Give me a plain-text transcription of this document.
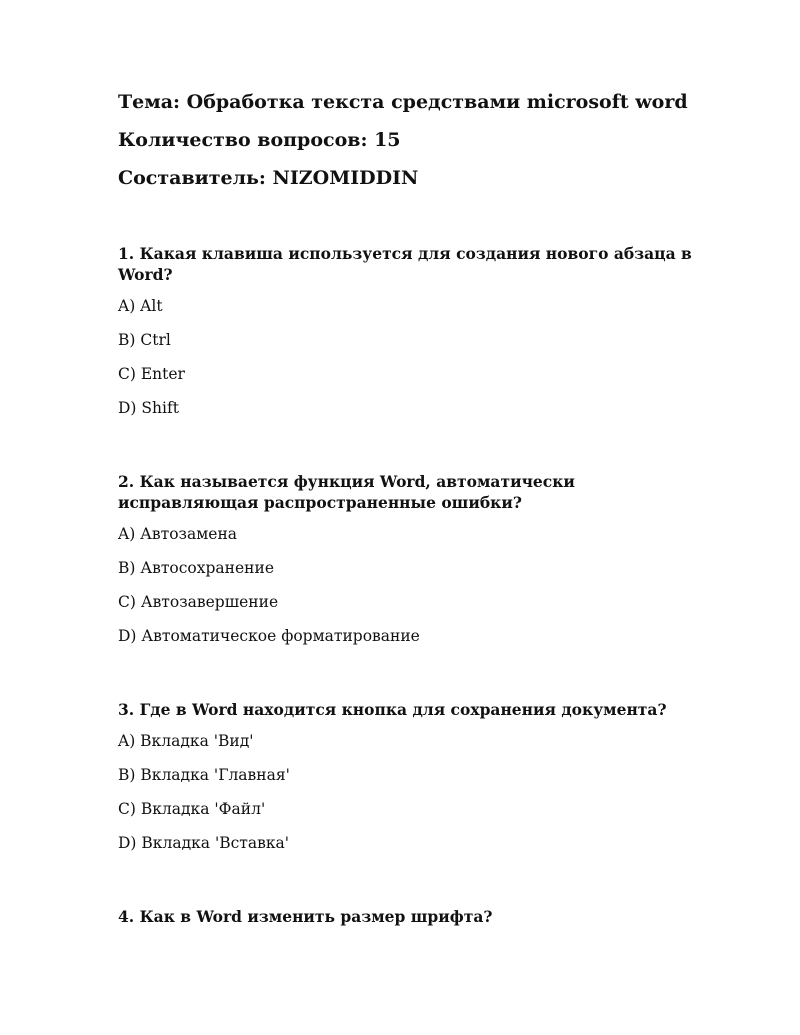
Тема: Обработка текста средствами microsoft word
Количество вопросов: 15
Составитель: NIZOMIDDIN
1. Какая клавиша используется для создания нового абзаца в Word?
A) Alt
B) Ctrl
C) Enter
D) Shift
2. Как называется функция Word, автоматически исправляющая распространенные ошибки?
A) Автозамена
B) Автосохранение
C) Автозавершение
D) Автоматическое форматирование
3. Где в Word находится кнопка для сохранения документа?
A) Вкладка 'Вид'
B) Вкладка 'Главная'
C) Вкладка 'Файл'
D) Вкладка 'Вставка'
4. Как в Word изменить размер шрифта?
